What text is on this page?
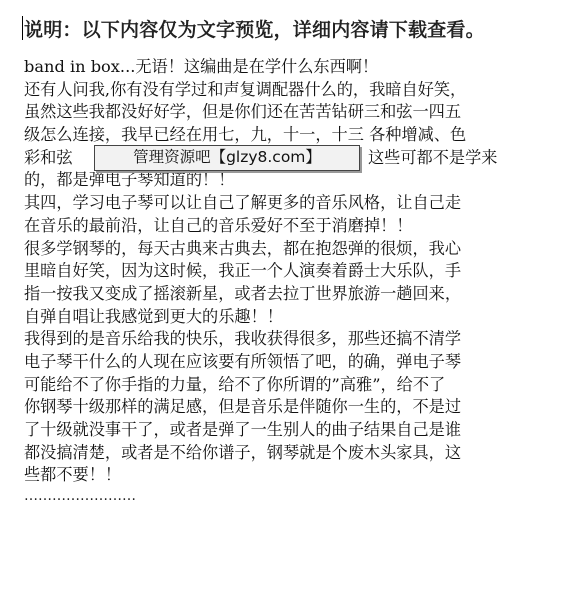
说明：以下内容仅为文字预览，详细内容请下载查看。
band in box...无语！这编曲是在学什么东西啊！
还有人问我,你有没有学过和声复调配器什么的，我暗自好笑，
虽然这些我都没好好学，但是你们还在苦苦钻研三和弦一四五
级怎么连接，我早已经在用七，九，十一，十三 各种增减、色
彩和弦	管理资源吧【glzy8.com】	这些可都不是学来
的，都是弹电子琴知道的！！
其四，学习电子琴可以让自己了解更多的音乐风格，让自己走
在音乐的最前沿，让自己的音乐爱好不至于消磨掉！！
很多学钢琴的，每天古典来古典去，都在抱怨弹的很烦，我心
里暗自好笑，因为这时候，我正一个人演奏着爵士大乐队，手
指一按我又变成了摇滚新星，或者去拉丁世界旅游一趟回来，
自弹自唱让我感觉到更大的乐趣！！
我得到的是音乐给我的快乐，我收获得很多，那些还搞不清学
电子琴干什么的人现在应该要有所领悟了吧，的确，弹电子琴
可能给不了你手指的力量，给不了你所谓的”高雅”，给不了
你钢琴十级那样的满足感，但是音乐是伴随你一生的，不是过
了十级就没事干了，或者是弹了一生别人的曲子结果自己是谁
都没搞清楚，或者是不给你谱子，钢琴就是个废木头家具，这
些都不要！！
……………………
